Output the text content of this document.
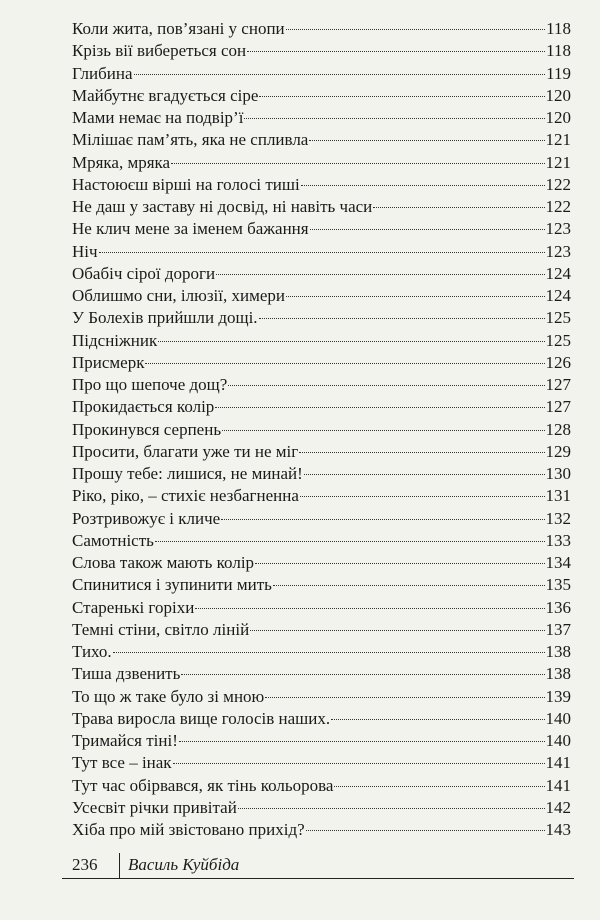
Коли жита, пов’язані у снопи	118
Крізь вії вибереться сон	118
Глибина	119
Майбутнє вгадується сіре	120
Мами немає на подвір’ї	120
Мілішає пам’ять, яка не спливла	121
Мряка, мряка	121
Настоюєш вірші на голосі тиші	122
Не даш у заставу ні досвід, ні навіть часи	122
Не клич мене за іменем бажання	123
Ніч	123
Обабіч сірої дороги	124
Облишмо сни, ілюзії, химери	124
У Болехів прийшли дощі.	125
Підсніжник	125
Присмерк	126
Про що шепоче дощ?	127
Прокидається колір	127
Прокинувся серпень	128
Просити, благати уже ти не міг	129
Прошу тебе: лишися, не минай!	130
Ріко, ріко, – стихіє незбагненна	131
Розтривожує і кличе	132
Самотність	133
Слова також мають колір	134
Спинитися і зупинити мить	135
Старенькі горіхи	136
Темні стіни, світло ліній	137
Тихо.	138
Тиша дзвенить	138
То що ж таке було зі мною	139
Трава виросла вище голосів наших.	140
Тримайся тіні!	140
Тут все – інак	141
Тут час обірвався, як тінь кольорова	141
Усесвіт річки привітай	142
Хіба про мій звістовано прихід?	143
236 Василь Куйбіда
